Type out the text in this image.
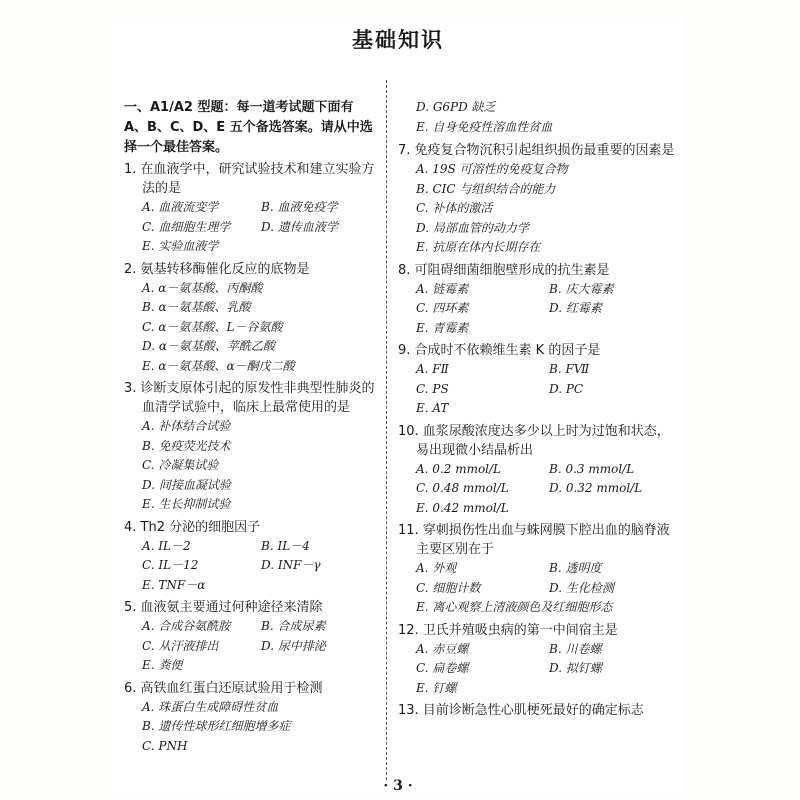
基础知识
一、A1/A2 型题：每一道考试题下面有 A、B、C、D、E 五个备选答案。请从中选择一个最佳答案。
1. 在血液学中，研究试验技术和建立实验方法的是
A. 血液流变学	B. 血液免疫学
C. 血细胞生理学	D. 遗传血液学
E. 实验血液学
2. 氨基转移酶催化反应的底物是
A. α－氨基酸、丙酮酸
B. α－氨基酸、乳酸
C. α－氨基酸、L－谷氨酸
D. α－氨基酸、苹酰乙酸
E. α－氨基酸、α－酮戊二酸
3. 诊断支原体引起的原发性非典型性肺炎的血清学试验中，临床上最常使用的是
A. 补体结合试验
B. 免疫荧光技术
C. 冷凝集试验
D. 间接血凝试验
E. 生长抑制试验
4. Th2 分泌的细胞因子
A. IL－2	B. IL－4
C. IL－12	D. INF－γ
E. TNF－α
5. 血液氨主要通过何种途径来清除
A. 合成谷氨酰胺	B. 合成尿素
C. 从汗液排出	D. 尿中排泌
E. 粪便
6. 高铁血红蛋白还原试验用于检测
A. 珠蛋白生成障碍性贫血
B. 遗传性球形红细胞增多症
C. PNH
D. G6PD 缺乏
E. 自身免疫性溶血性贫血
7. 免疫复合物沉积引起组织损伤最重要的因素是
A. 19S 可溶性的免疫复合物
B. CIC 与组织结合的能力
C. 补体的激活
D. 局部血管的动力学
E. 抗原在体内长期存在
8. 可阻碍细菌细胞壁形成的抗生素是
A. 链霉素	B. 庆大霉素
C. 四环素	D. 红霉素
E. 青霉素
9. 合成时不依赖维生素 K 的因子是
A. FⅡ	B. FⅦ
C. PS	D. PC
E. AT
10. 血浆尿酸浓度达多少以上时为过饱和状态，易出现微小结晶析出
A. 0.2 mmol/L	B. 0.3 mmol/L
C. 0.48 mmol/L	D. 0.32 mmol/L
E. 0.42 mmol/L
11. 穿刺损伤性出血与蛛网膜下腔出血的脑脊液主要区别在于
A. 外观	B. 透明度
C. 细胞计数	D. 生化检测
E. 离心观察上清液颜色及红细胞形态
12. 卫氏并殖吸虫病的第一中间宿主是
A. 赤豆螺	B. 川卷螺
C. 扁卷螺	D. 拟钉螺
E. 钉螺
13. 目前诊断急性心肌梗死最好的确定标志
· 3 ·
